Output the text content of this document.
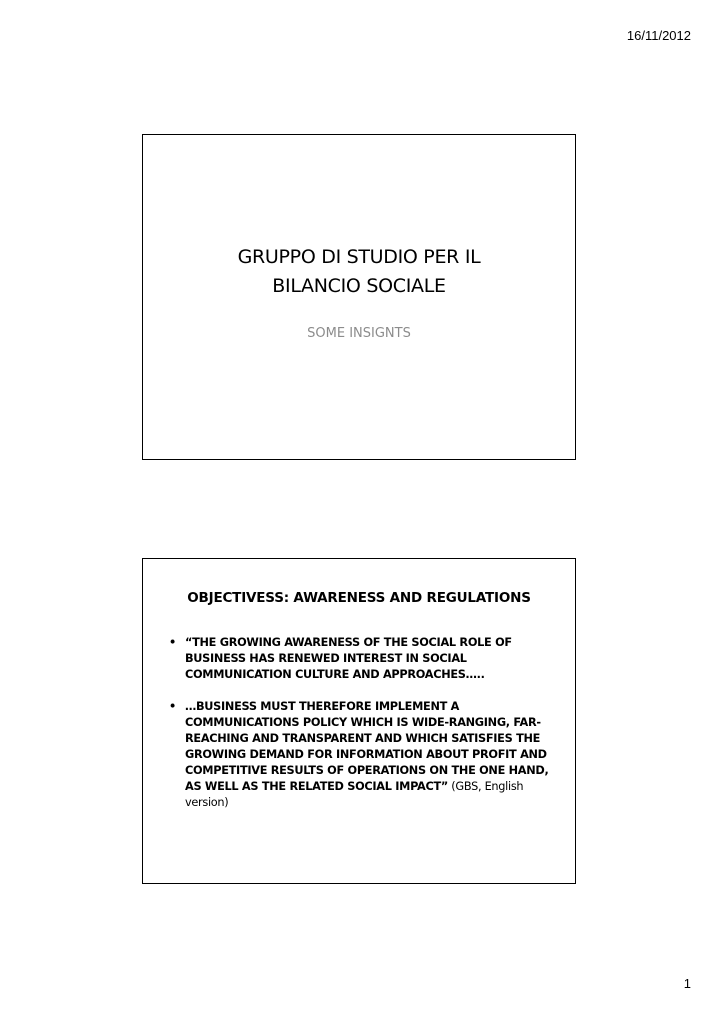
16/11/2012
GRUPPO DI STUDIO PER IL
BILANCIO SOCIALE
SOME INSIGNTS
OBJECTIVESS: AWARENESS AND REGULATIONS
• “THE GROWING AWARENESS OF THE SOCIAL ROLE OF BUSINESS HAS RENEWED INTEREST IN SOCIAL COMMUNICATION CULTURE AND APPROACHES…..
• …BUSINESS MUST THEREFORE IMPLEMENT A COMMUNICATIONS POLICY WHICH IS WIDE-RANGING, FAR-REACHING AND TRANSPARENT AND WHICH SATISFIES THE GROWING DEMAND FOR INFORMATION ABOUT PROFIT AND COMPETITIVE RESULTS OF OPERATIONS ON THE ONE HAND, AS WELL AS THE RELATED SOCIAL IMPACT” (GBS, English version)
1
